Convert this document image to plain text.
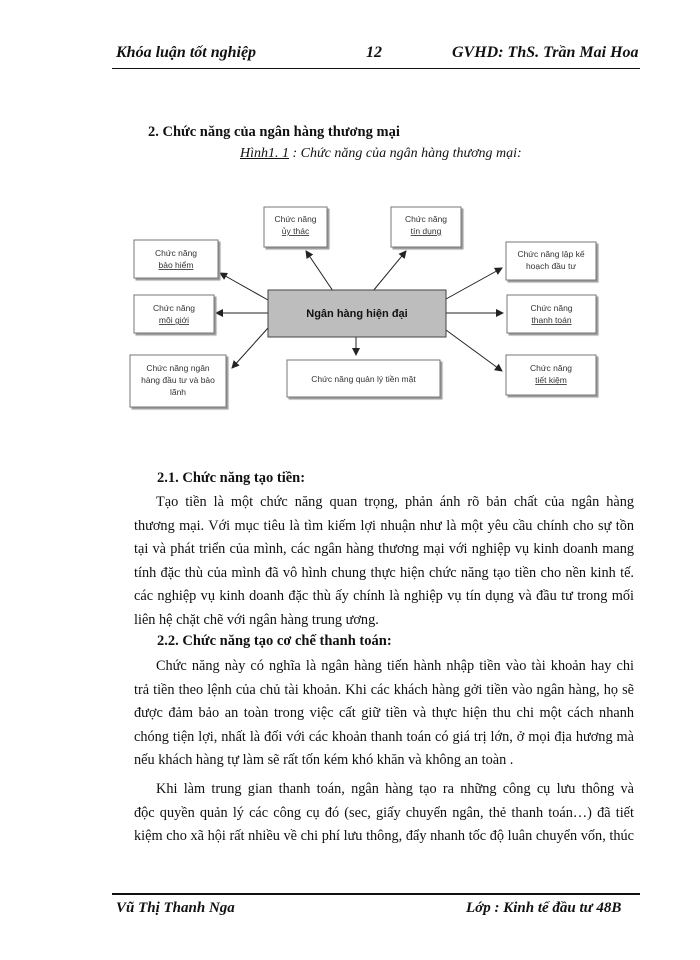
Khóa luận tốt nghiệp	12	GVHD: ThS. Trần Mai Hoa
2. Chức năng của ngân hàng thương mại
Hình1. 1 : Chức năng của ngân hàng thương mại:
Ngân hàng hiện đại
Chức năng
ủy thác
Chức năng
tín dụng
Chức năng
bảo hiểm
Chức năng lập kế
hoạch đầu tư
Chức năng
môi giới
Chức năng
thanh toán
Chức năng ngân
hàng đầu tư và bảo
lãnh
Chức năng
tiết kiệm
Chức năng quản lý tiền mặt
2.1. Chức năng tạo tiền:
Tạo tiền là một chức năng quan trọng, phản ánh rõ bản chất của ngân hàng
thương mại. Với mục tiêu là tìm kiếm lợi nhuận như là một yêu cầu chính cho sự tồn
tại và phát triển của mình, các ngân hàng thương mại với nghiệp vụ kinh doanh mang
tính đặc thù của mình đã vô hình chung thực hiện chức năng tạo tiền cho nền kinh tế.
các nghiệp vụ kinh doanh đặc thù ấy chính là nghiệp vụ tín dụng và đầu tư trong mối
liên hệ chặt chẽ với ngân hàng trung ương.
2.2. Chức năng tạo cơ chế thanh toán:
Chức năng này có nghĩa là ngân hàng tiến hành nhập tiền vào tài khoản hay chi
trả tiền theo lệnh của chủ tài khoản. Khi các khách hàng gởi tiền vào ngân hàng, họ sẽ
được đảm bảo an toàn trong việc cất giữ tiền và thực hiện thu chi một cách nhanh
chóng tiện lợi, nhất là đối với các khoản thanh toán có giá trị lớn, ở mọi địa hương mà
nếu khách hàng tự làm sẽ rất tốn kém khó khăn và không an toàn .
Khi làm trung gian thanh toán, ngân hàng tạo ra những công cụ lưu thông và
độc quyền quản lý các công cụ đó (sec, giấy chuyển ngân, thẻ thanh toán…) đã tiết
kiệm cho xã hội rất nhiều về chi phí lưu thông, đẩy nhanh tốc độ luân chuyển vốn, thúc
Vũ Thị Thanh Nga	Lớp : Kinh tế đầu tư 48B
